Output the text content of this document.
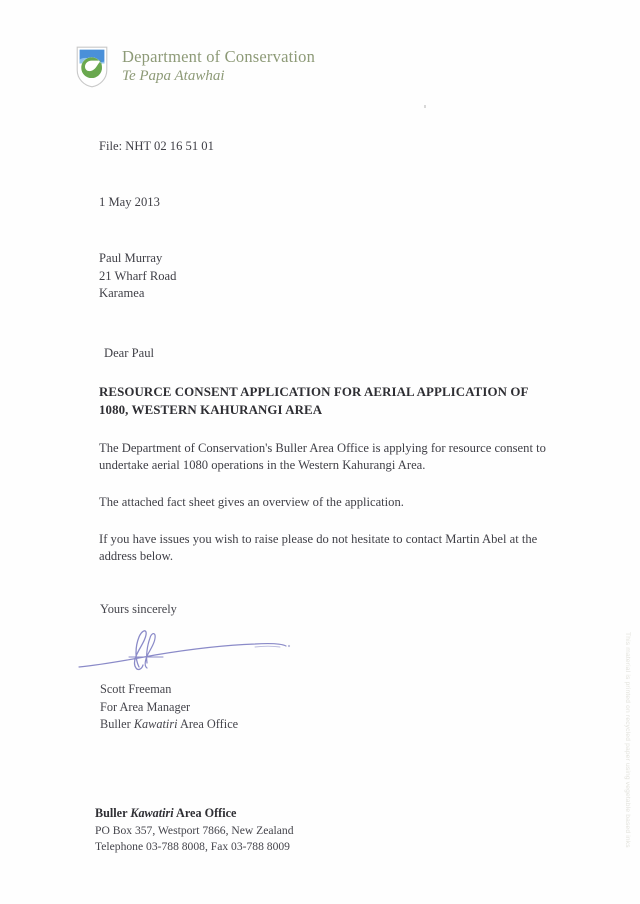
Department of Conservation
Te Papa Atawhai
File: NHT 02 16 51 01
1 May 2013
Paul Murray
21 Wharf Road
Karamea
Dear Paul
RESOURCE CONSENT APPLICATION FOR AERIAL APPLICATION OF 1080, WESTERN KAHURANGI AREA
The Department of Conservation's Buller Area Office is applying for resource consent to undertake aerial 1080 operations in the Western Kahurangi Area.
The attached fact sheet gives an overview of the application.
If you have issues you wish to raise please do not hesitate to contact Martin Abel at the address below.
Yours sincerely
Scott Freeman
For Area Manager
Buller Kawatiri Area Office
Buller Kawatiri Area Office
PO Box 357, Westport 7866, New Zealand
Telephone 03-788 8008, Fax 03-788 8009	This material is printed on recycled paper using vegetable based inks
